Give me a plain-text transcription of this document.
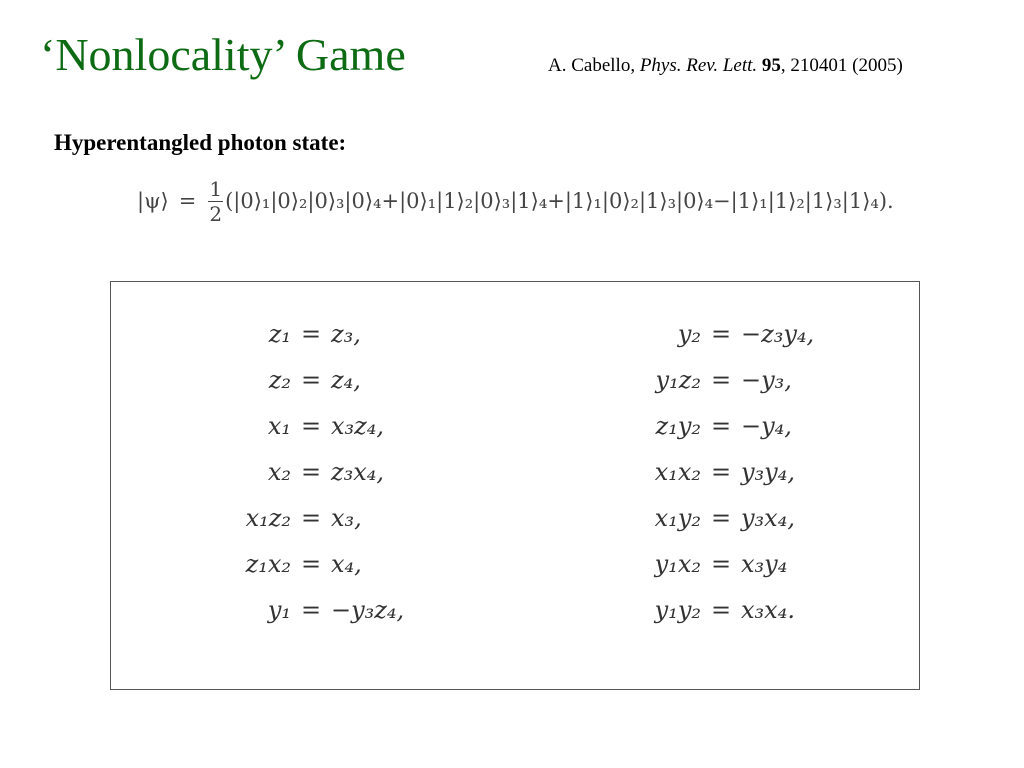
‘Nonlocality’ Game	A. Cabello, Phys. Rev. Lett. 95, 210401 (2005)
Hyperentangled photon state:
|ψ⟩ = $\frac{1}{2}$ (|0⟩₁|0⟩₂|0⟩₃|0⟩₄+|0⟩₁|1⟩₂|0⟩₃|1⟩₄+|1⟩₁|0⟩₂|1⟩₃|0⟩₄−|1⟩₁|1⟩₂|1⟩₃|1⟩₄).
z₁ = z₃,
z₂ = z₄,
x₁ = x₃z₄,
x₂ = z₃x₄,
x₁z₂ = x₃,
z₁x₂ = x₄,
y₁ = −y₃z₄,
y₂ = −z₃y₄,
y₁z₂ = −y₃,
z₁y₂ = −y₄,
x₁x₂ = y₃y₄,
x₁y₂ = y₃x₄,
y₁x₂ = x₃y₄
y₁y₂ = x₃x₄.
